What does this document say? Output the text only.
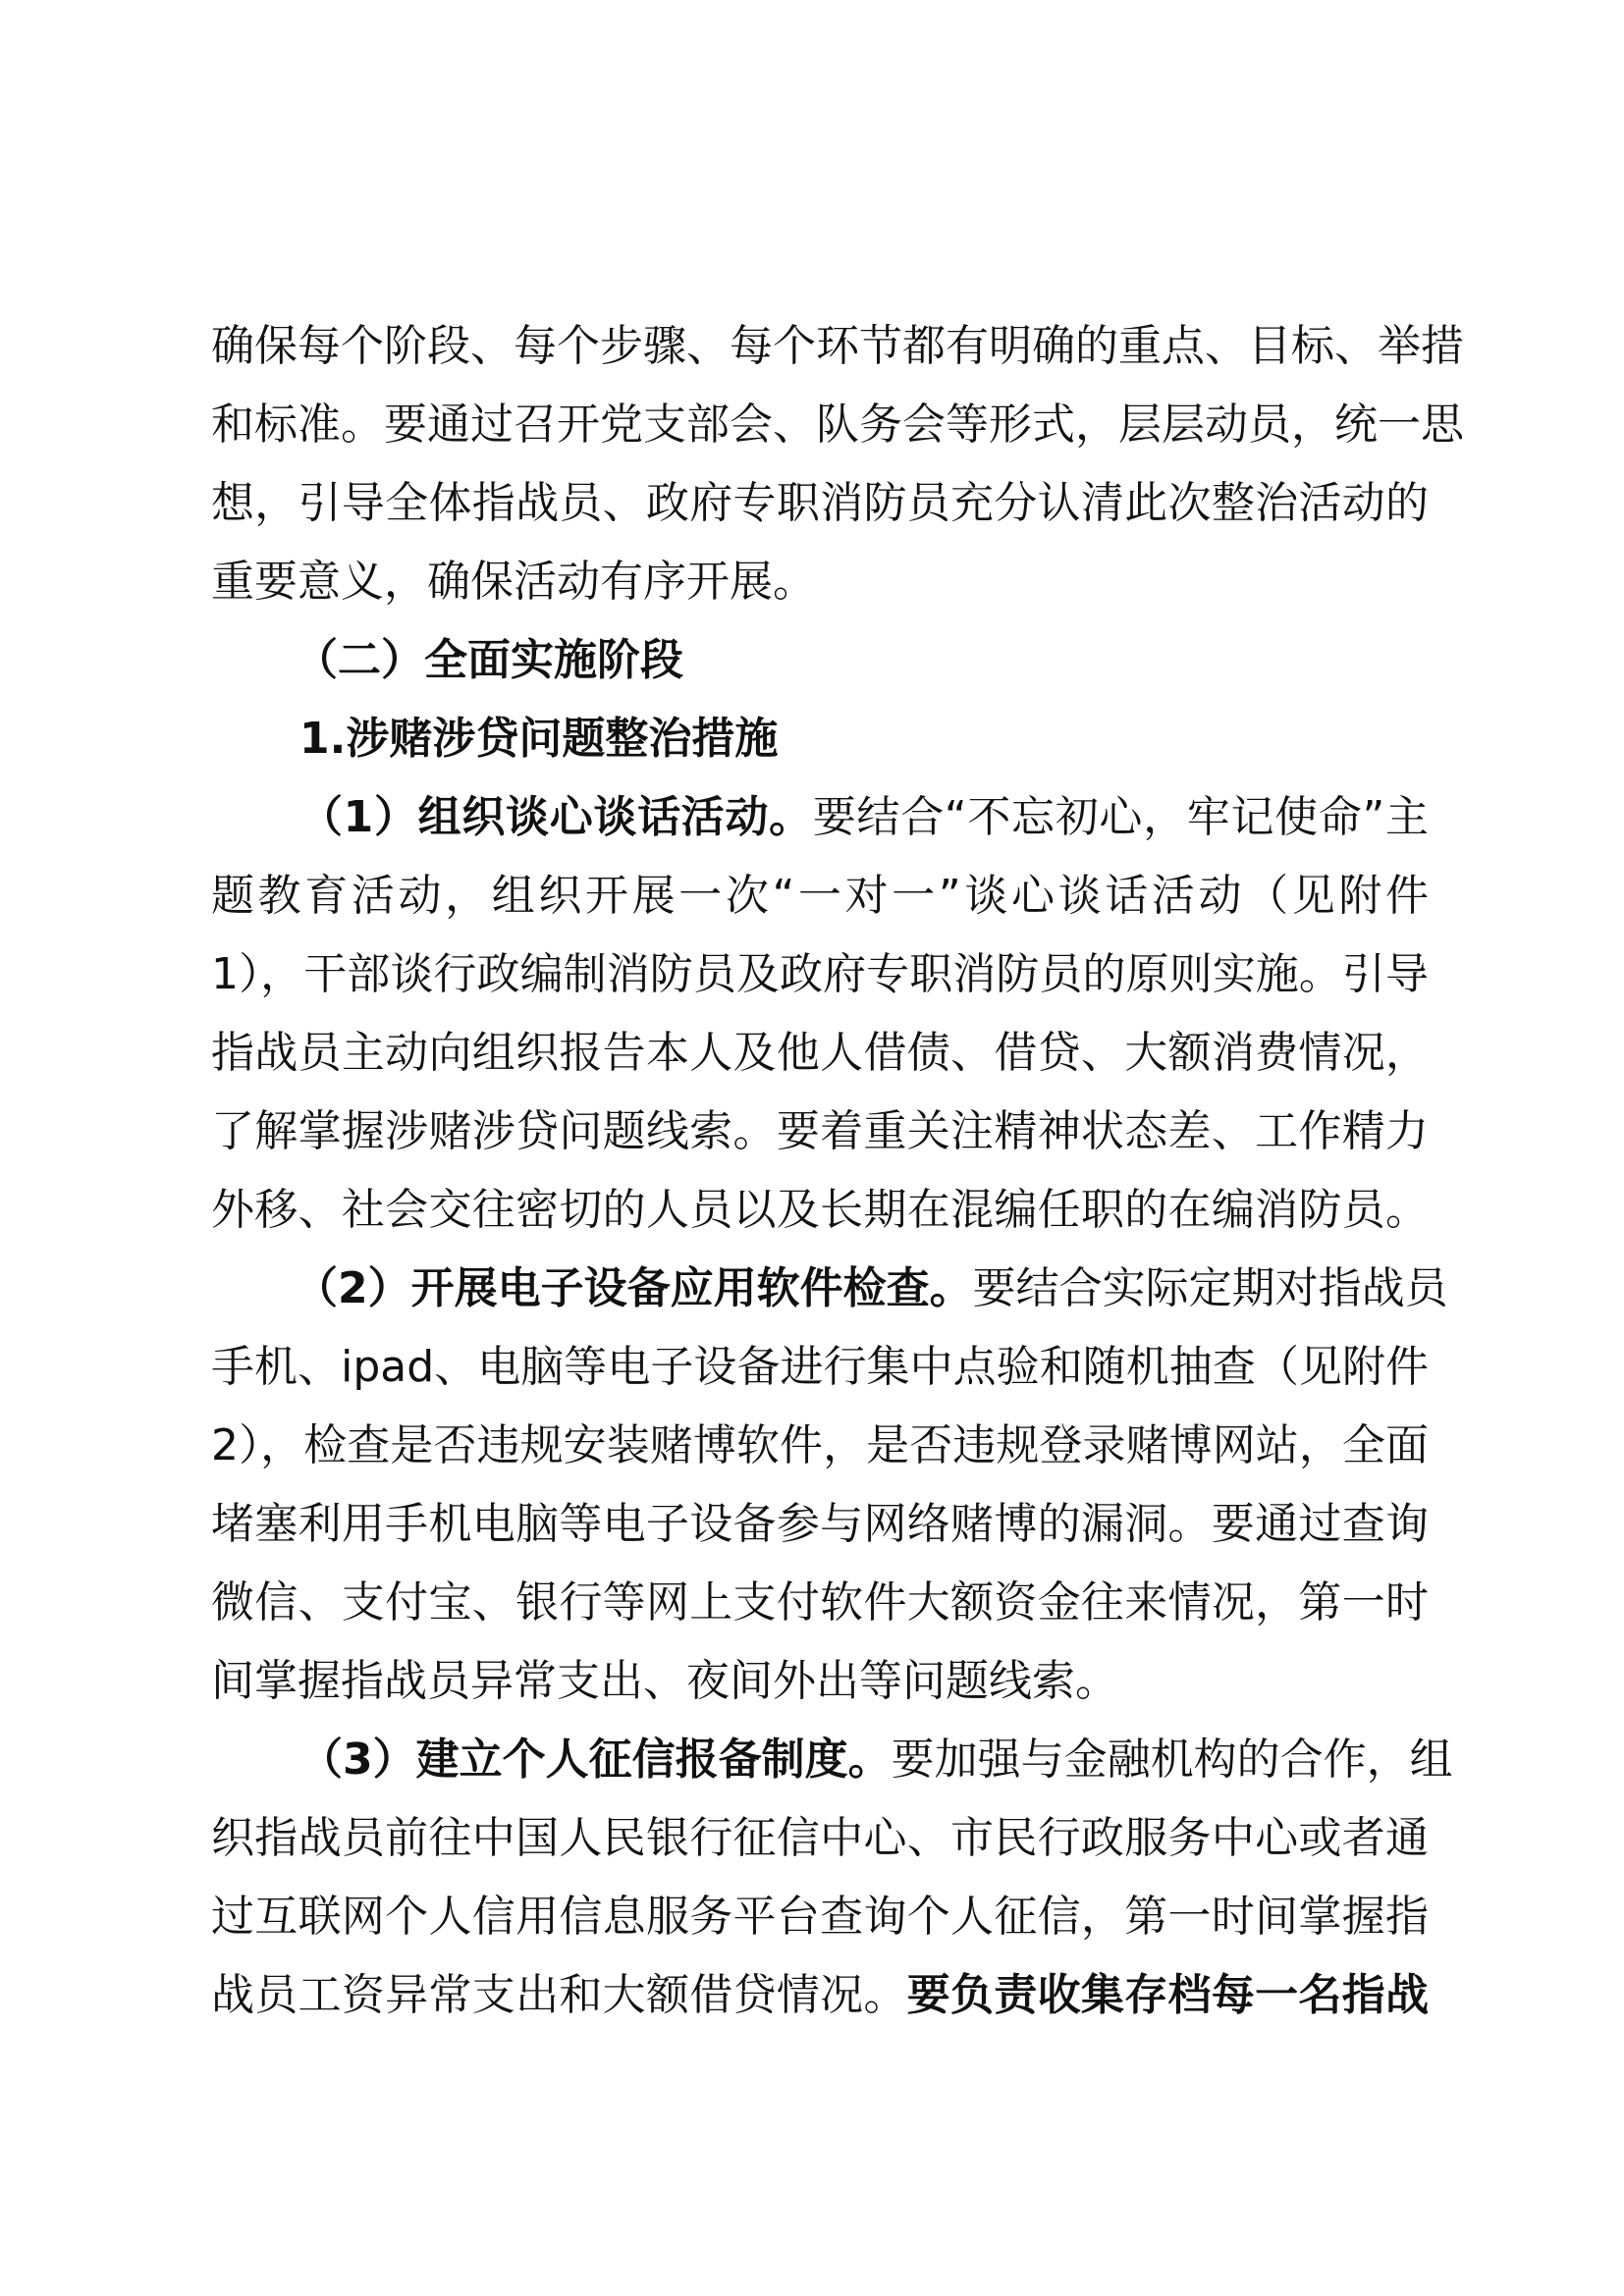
确保每个阶段、每个步骤、每个环节都有明确的重点、目标、举措
和标准。要通过召开党支部会、队务会等形式，层层动员，统一思
想，引导全体指战员、政府专职消防员充分认清此次整治活动的
重要意义，确保活动有序开展。
（二）全面实施阶段
1.涉赌涉贷问题整治措施
（1）组织谈心谈话活动。要结合“不忘初心，牢记使命”主
题教育活动，组织开展一次“一对一”谈心谈话活动（见附件
1），干部谈行政编制消防员及政府专职消防员的原则实施。引导
指战员主动向组织报告本人及他人借债、借贷、大额消费情况，
了解掌握涉赌涉贷问题线索。要着重关注精神状态差、工作精力
外移、社会交往密切的人员以及长期在混编任职的在编消防员。
（2）开展电子设备应用软件检查。要结合实际定期对指战员
手机、ipad、电脑等电子设备进行集中点验和随机抽查（见附件
2），检查是否违规安装赌博软件，是否违规登录赌博网站，全面
堵塞利用手机电脑等电子设备参与网络赌博的漏洞。要通过查询
微信、支付宝、银行等网上支付软件大额资金往来情况，第一时
间掌握指战员异常支出、夜间外出等问题线索。
（3）建立个人征信报备制度。要加强与金融机构的合作，组
织指战员前往中国人民银行征信中心、市民行政服务中心或者通
过互联网个人信用信息服务平台查询个人征信，第一时间掌握指
战员工资异常支出和大额借贷情况。要负责收集存档每一名指战
